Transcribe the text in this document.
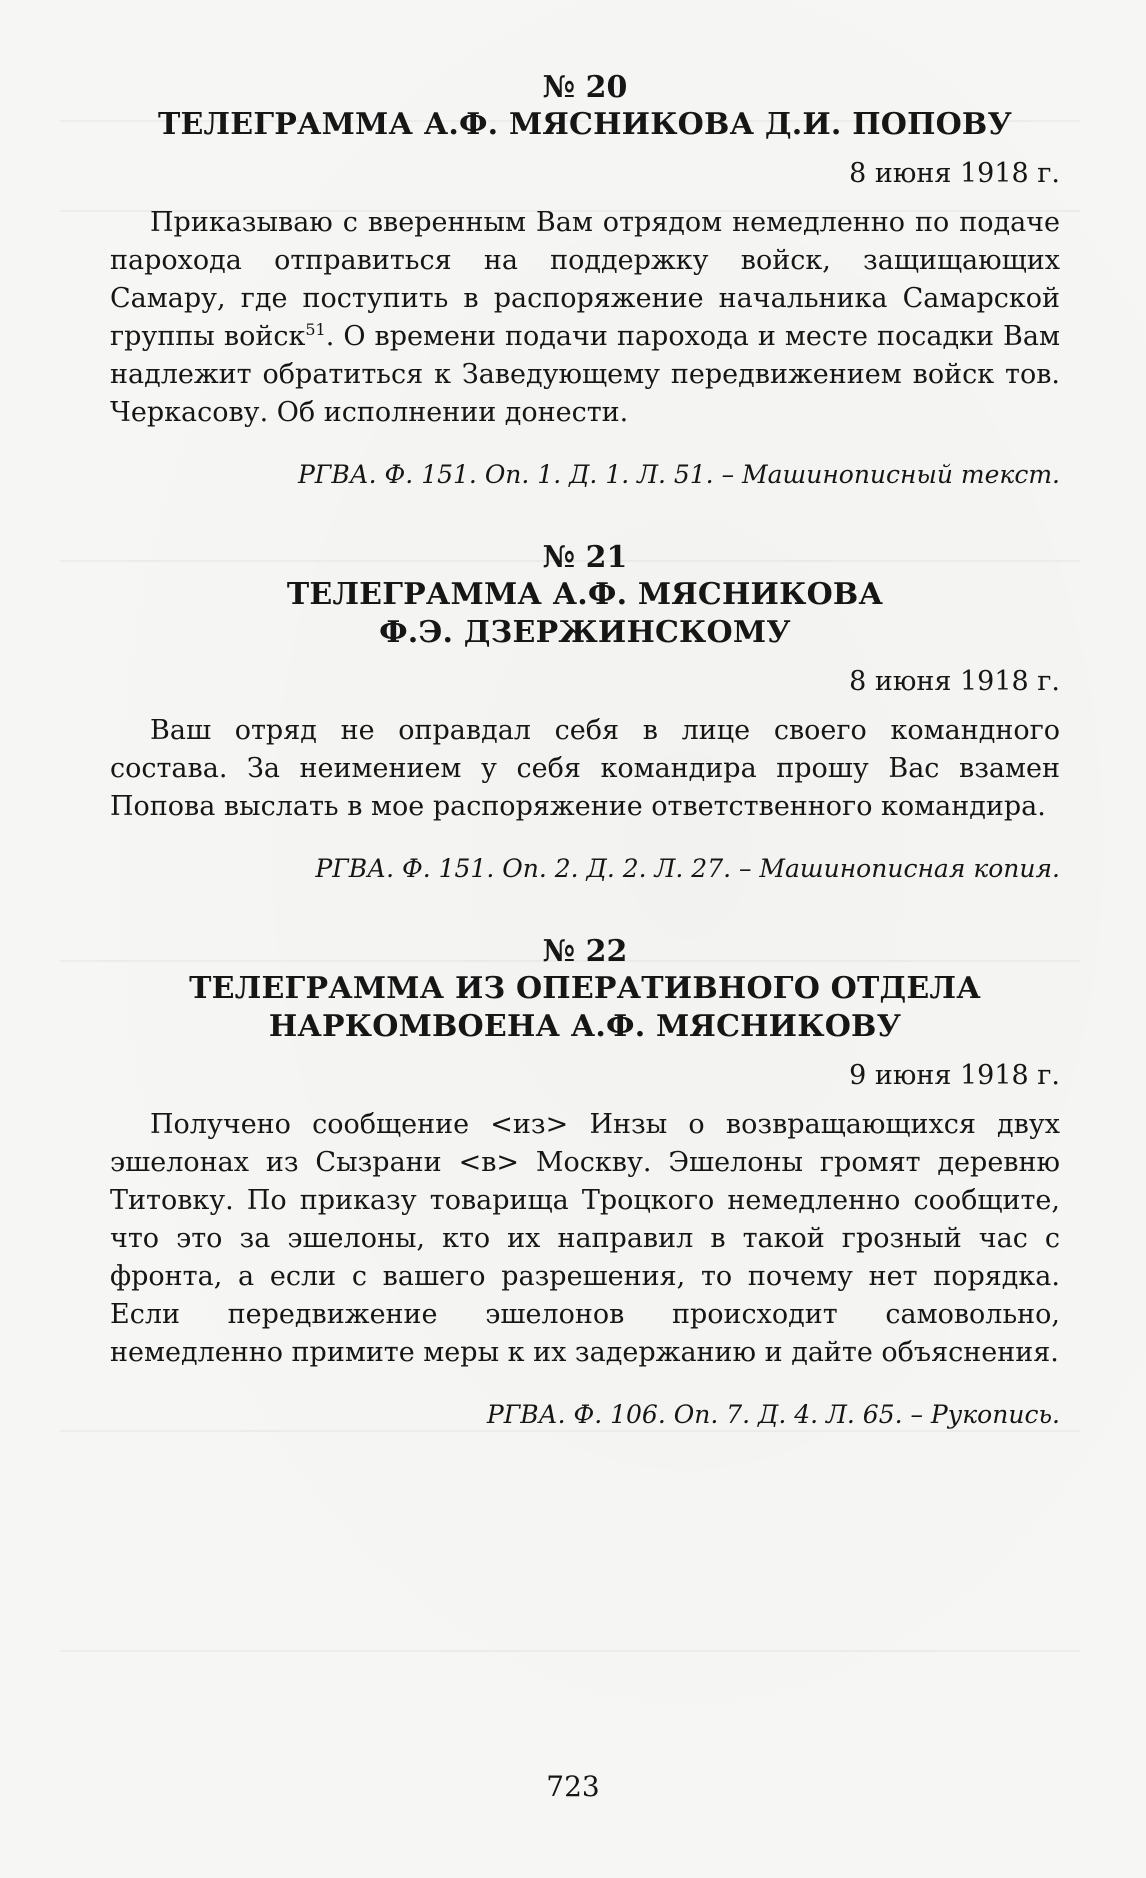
№ 20

ТЕЛЕГРАММА А.Ф. МЯСНИКОВА Д.И. ПОПОВУ

8 июня 1918 г.

Приказываю с вверенным Вам отрядом немедленно по подаче парохода отправиться на поддержку войск, защищающих Самару, где поступить в распоряжение начальника Самарской группы войск$^{51}$. О времени подачи парохода и месте посадки Вам надлежит обратиться к Заведующему передвижением войск тов. Черкасову. Об исполнении донести.

РГВА. Ф. 151. Оп. 1. Д. 1. Л. 51. – Машинописный текст.

№ 21

ТЕЛЕГРАММА А.Ф. МЯСНИКОВА

Ф.Э. ДЗЕРЖИНСКОМУ

8 июня 1918 г.

Ваш отряд не оправдал себя в лице своего командного состава. За неимением у себя командира прошу Вас взамен Попова выслать в мое распоряжение ответственного командира.

РГВА. Ф. 151. Оп. 2. Д. 2. Л. 27. – Машинописная копия.

№ 22

ТЕЛЕГРАММА ИЗ ОПЕРАТИВНОГО ОТДЕЛА

НАРКОМВОЕНА А.Ф. МЯСНИКОВУ

9 июня 1918 г.

Получено сообщение <из> Инзы о возвращающихся двух эшелонах из Сызрани <в> Москву. Эшелоны громят деревню Титовку. По приказу товарища Троцкого немедленно сообщите, что это за эшелоны, кто их направил в такой грозный час с фронта, а если с вашего разрешения, то почему нет порядка. Если передвижение эшелонов происходит самовольно, немедленно примите меры к их задержанию и дайте объяснения.

РГВА. Ф. 106. Оп. 7. Д. 4. Л. 65. – Рукопись.

723
